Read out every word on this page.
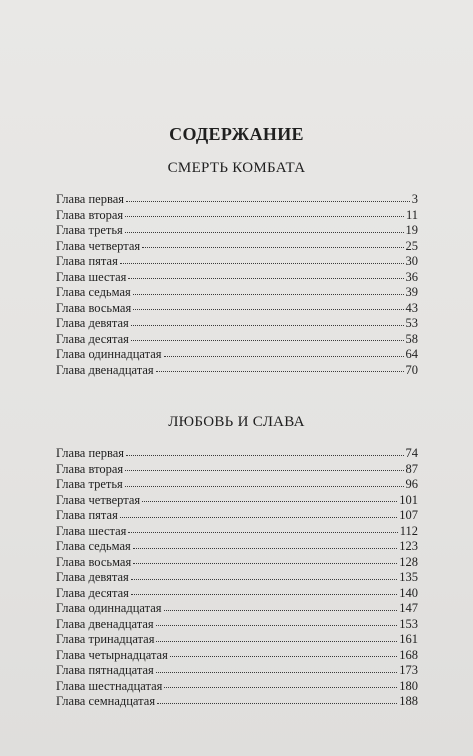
СОДЕРЖАНИЕ
СМЕРТЬ КОМБАТА
Глава первая	3
Глава вторая	11
Глава третья	19
Глава четвертая	25
Глава пятая	30
Глава шестая	36
Глава седьмая	39
Глава восьмая	43
Глава девятая	53
Глава десятая	58
Глава одиннадцатая	64
Глава двенадцатая	70
ЛЮБОВЬ И СЛАВА
Глава первая	74
Глава вторая	87
Глава третья	96
Глава четвертая	101
Глава пятая	107
Глава шестая	112
Глава седьмая	123
Глава восьмая	128
Глава девятая	135
Глава десятая	140
Глава одиннадцатая	147
Глава двенадцатая	153
Глава тринадцатая	161
Глава четырнадцатая	168
Глава пятнадцатая	173
Глава шестнадцатая	180
Глава семнадцатая	188
